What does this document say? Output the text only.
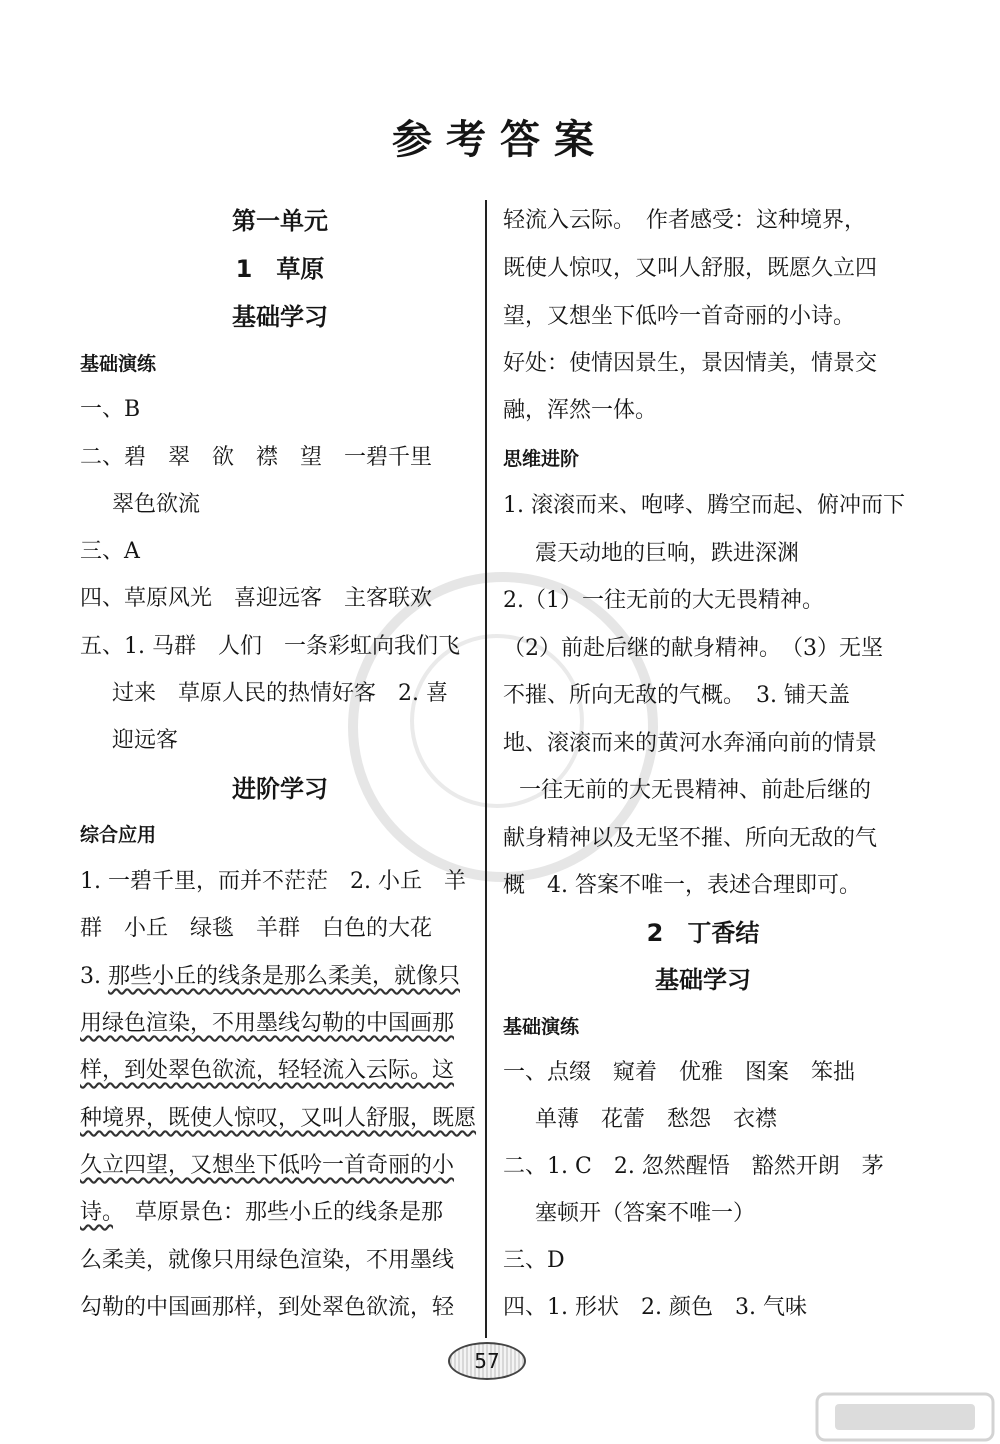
参考答案
第一单元
1　草原
基础学习
基础演练
一、B
二、碧　翠　欲　襟　望　一碧千里
翠色欲流
三、A
四、草原风光　喜迎远客　主客联欢
五、1. 马群　人们　一条彩虹向我们飞
过来　草原人民的热情好客　2. 喜
迎远客
进阶学习
综合应用
1. 一碧千里，而并不茫茫　2. 小丘　羊
群　小丘　绿毯　羊群　白色的大花
3. 那些小丘的线条是那么柔美，就像只
用绿色渲染，不用墨线勾勒的中国画那
样，到处翠色欲流，轻轻流入云际。这
种境界，既使人惊叹，又叫人舒服，既愿
久立四望，又想坐下低吟一首奇丽的小
诗。　草原景色：那些小丘的线条是那
么柔美，就像只用绿色渲染，不用墨线
勾勒的中国画那样，到处翠色欲流，轻
轻流入云际。　作者感受：这种境界，
既使人惊叹，又叫人舒服，既愿久立四
望，又想坐下低吟一首奇丽的小诗。
好处：使情因景生，景因情美，情景交
融，浑然一体。
思维进阶
1. 滚滚而来、咆哮、腾空而起、俯冲而下
震天动地的巨响，跌进深渊
2.（1）一往无前的大无畏精神。
（2）前赴后继的献身精神。　（3）无坚
不摧、所向无敌的气概。　3. 铺天盖
地、滚滚而来的黄河水奔涌向前的情景
一往无前的大无畏精神、前赴后继的
献身精神以及无坚不摧、所向无敌的气
概　4. 答案不唯一，表述合理即可。
2　丁香结
基础学习
基础演练
一、点缀　窥着　优雅　图案　笨拙
单薄　花蕾　愁怨　衣襟
二、1. C　2. 忽然醒悟　豁然开朗　茅
塞顿开（答案不唯一）
三、D
四、1. 形状　2. 颜色　3. 气味
57
